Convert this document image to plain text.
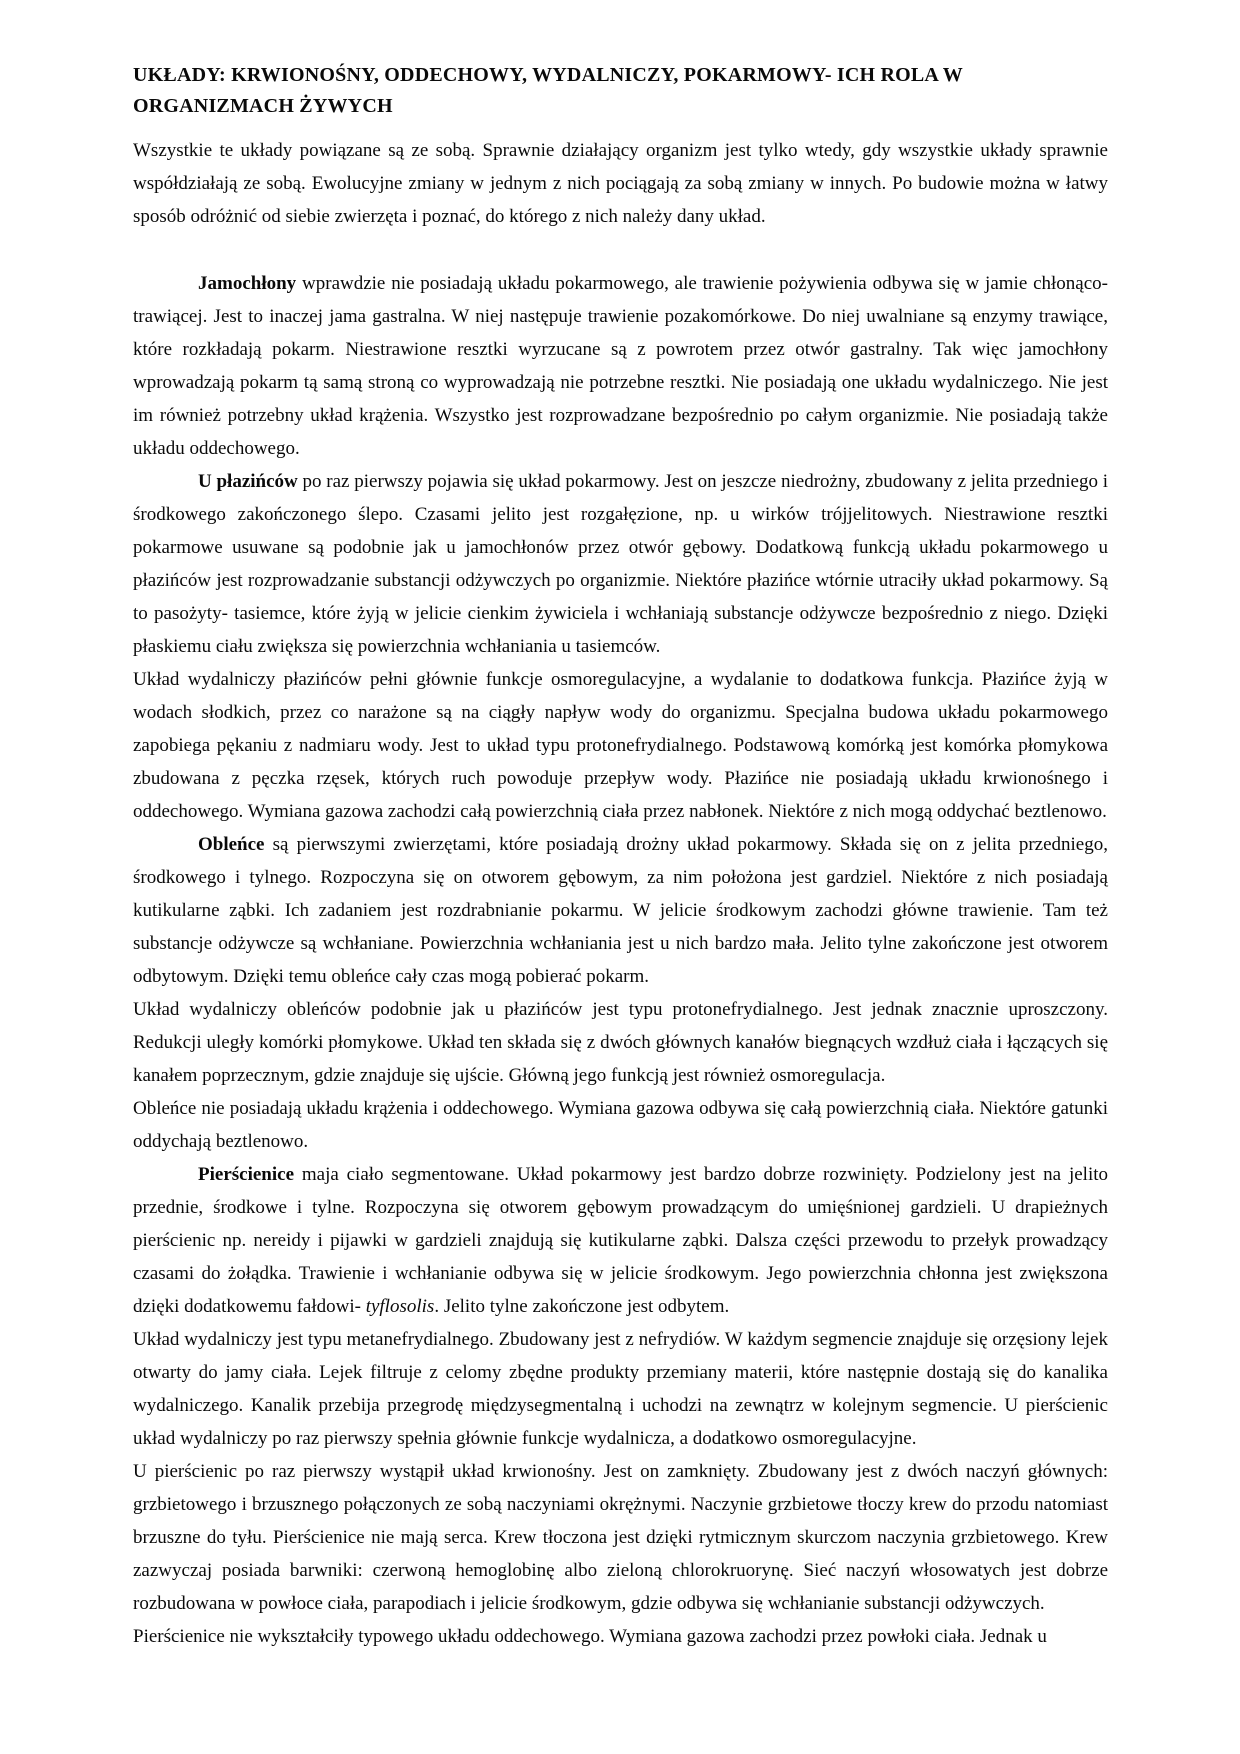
UKŁADY: KRWIONOŚNY, ODDECHOWY, WYDALNICZY, POKARMOWY- ICH ROLA W ORGANIZMACH ŻYWYCH

Wszystkie te układy powiązane są ze sobą. Sprawnie działający organizm jest tylko wtedy, gdy wszystkie układy sprawnie współdziałają ze sobą. Ewolucyjne zmiany w jednym z nich pociągają za sobą zmiany w innych. Po budowie można w łatwy sposób odróżnić od siebie zwierzęta i poznać, do którego z nich należy dany układ.

Jamochłony wprawdzie nie posiadają układu pokarmowego, ale trawienie pożywienia odbywa się w jamie chłonąco- trawiącej. Jest to inaczej jama gastralna. W niej następuje trawienie pozakomórkowe. Do niej uwalniane są enzymy trawiące, które rozkładają pokarm. Niestrawione resztki wyrzucane są z powrotem przez otwór gastralny. Tak więc jamochłony wprowadzają pokarm tą samą stroną co wyprowadzają nie potrzebne resztki. Nie posiadają one układu wydalniczego. Nie jest im również potrzebny układ krążenia. Wszystko jest rozprowadzane bezpośrednio po całym organizmie. Nie posiadają także układu oddechowego.

U płazińców po raz pierwszy pojawia się układ pokarmowy. Jest on jeszcze niedrożny, zbudowany z jelita przedniego i środkowego zakończonego ślepo. Czasami jelito jest rozgałęzione, np. u wirków trójjelitowych. Niestrawione resztki pokarmowe usuwane są podobnie jak u jamochłonów przez otwór gębowy. Dodatkową funkcją układu pokarmowego u płazińców jest rozprowadzanie substancji odżywczych po organizmie. Niektóre płazińce wtórnie utraciły układ pokarmowy. Są to pasożyty- tasiemce, które żyją w jelicie cienkim żywiciela i wchłaniają substancje odżywcze bezpośrednio z niego. Dzięki płaskiemu ciału zwiększa się powierzchnia wchłaniania u tasiemców.

Układ wydalniczy płazińców pełni głównie funkcje osmoregulacyjne, a wydalanie to dodatkowa funkcja. Płazińce żyją w wodach słodkich, przez co narażone są na ciągły napływ wody do organizmu. Specjalna budowa układu pokarmowego zapobiega pękaniu z nadmiaru wody. Jest to układ typu protonefrydialnego. Podstawową komórką jest komórka płomykowa zbudowana z pęczka rzęsek, których ruch powoduje przepływ wody. Płazińce nie posiadają układu krwionośnego i oddechowego. Wymiana gazowa zachodzi całą powierzchnią ciała przez nabłonek. Niektóre z nich mogą oddychać beztlenowo.

Obleńce są pierwszymi zwierzętami, które posiadają drożny układ pokarmowy. Składa się on z jelita przedniego, środkowego i tylnego. Rozpoczyna się on otworem gębowym, za nim położona jest gardziel. Niektóre z nich posiadają kutikularne ząbki. Ich zadaniem jest rozdrabnianie pokarmu. W jelicie środkowym zachodzi główne trawienie. Tam też substancje odżywcze są wchłaniane. Powierzchnia wchłaniania jest u nich bardzo mała. Jelito tylne zakończone jest otworem odbytowym. Dzięki temu obleńce cały czas mogą pobierać pokarm.

Układ wydalniczy obleńców podobnie jak u płazińców jest typu protonefrydialnego. Jest jednak znacznie uproszczony. Redukcji uległy komórki płomykowe. Układ ten składa się z dwóch głównych kanałów biegnących wzdłuż ciała i łączących się kanałem poprzecznym, gdzie znajduje się ujście. Główną jego funkcją jest również osmoregulacja.

Obleńce nie posiadają układu krążenia i oddechowego. Wymiana gazowa odbywa się całą powierzchnią ciała. Niektóre gatunki oddychają beztlenowo.

Pierścienice maja ciało segmentowane. Układ pokarmowy jest bardzo dobrze rozwinięty. Podzielony jest na jelito przednie, środkowe i tylne. Rozpoczyna się otworem gębowym prowadzącym do umięśnionej gardzieli. U drapieżnych pierścienic np. nereidy i pijawki w gardzieli znajdują się kutikularne ząbki. Dalsza części przewodu to przełyk prowadzący czasami do żołądka. Trawienie i wchłanianie odbywa się w jelicie środkowym. Jego powierzchnia chłonna jest zwiększona dzięki dodatkowemu fałdowi- tyflosolis. Jelito tylne zakończone jest odbytem.

Układ wydalniczy jest typu metanefrydialnego. Zbudowany jest z nefrydiów. W każdym segmencie znajduje się orzęsiony lejek otwarty do jamy ciała. Lejek filtruje z celomy zbędne produkty przemiany materii, które następnie dostają się do kanalika wydalniczego. Kanalik przebija przegrodę międzysegmentalną i uchodzi na zewnątrz w kolejnym segmencie. U pierścienic układ wydalniczy po raz pierwszy spełnia głównie funkcje wydalnicza, a dodatkowo osmoregulacyjne.

U pierścienic po raz pierwszy wystąpił układ krwionośny. Jest on zamknięty. Zbudowany jest z dwóch naczyń głównych: grzbietowego i brzusznego połączonych ze sobą naczyniami okrężnymi. Naczynie grzbietowe tłoczy krew do przodu natomiast brzuszne do tyłu. Pierścienice nie mają serca. Krew tłoczona jest dzięki rytmicznym skurczom naczynia grzbietowego. Krew zazwyczaj posiada barwniki: czerwoną hemoglobinę albo zieloną chlorokruorynę. Sieć naczyń włosowatych jest dobrze rozbudowana w powłoce ciała, parapodiach i jelicie środkowym, gdzie odbywa się wchłanianie substancji odżywczych.

Pierścienice nie wykształciły typowego układu oddechowego. Wymiana gazowa zachodzi przez powłoki ciała. Jednak u
